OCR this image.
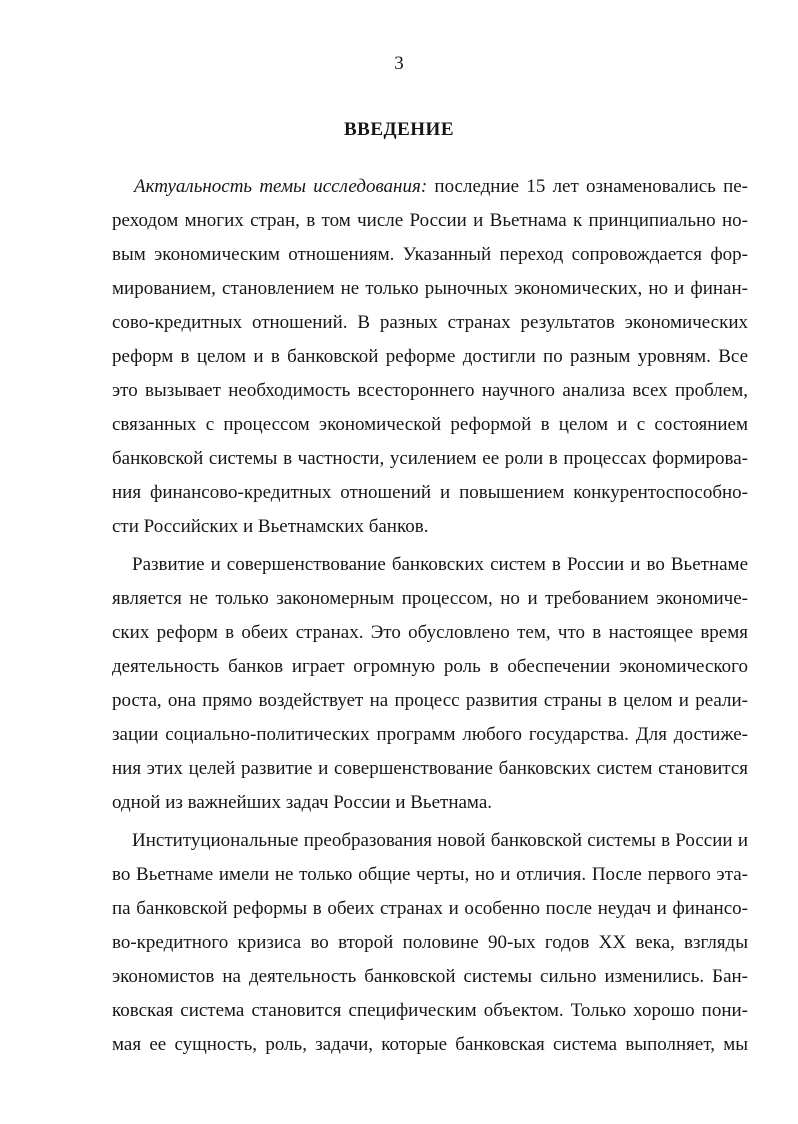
3
ВВЕДЕНИЕ
Актуальность темы исследования: последние 15 лет ознаменовались пе-
реходом многих стран, в том числе России и Вьетнама к принципиально но-
вым экономическим отношениям. Указанный переход сопровождается фор-
мированием, становлением не только рыночных экономических, но и финан-
сово-кредитных отношений. В разных странах результатов экономических
реформ в целом и в банковской реформе достигли по разным уровням. Все
это вызывает необходимость всестороннего научного анализа всех проблем,
связанных с процессом экономической реформой в целом и с состоянием
банковской системы в частности, усилением ее роли в процессах формирова-
ния финансово-кредитных отношений и повышением конкурентоспособно-
сти Российских и Вьетнамских банков.
Развитие и совершенствование банковских систем в России и во Вьетнаме
является не только закономерным процессом, но и требованием экономиче-
ских реформ в обеих странах. Это обусловлено тем, что в настоящее время
деятельность банков играет огромную роль в обеспечении экономического
роста, она прямо воздействует на процесс развития страны в целом и реали-
зации социально-политических программ любого государства. Для достиже-
ния этих целей развитие и совершенствование банковских систем становится
одной из важнейших задач России и Вьетнама.
Институциональные преобразования новой банковской системы в России и
во Вьетнаме имели не только общие черты, но и отличия. После первого эта-
па банковской реформы в обеих странах и особенно после неудач и финансо-
во-кредитного кризиса во второй половине 90-ых годов XX века, взгляды
экономистов на деятельность банковской системы сильно изменились. Бан-
ковская система становится специфическим объектом. Только хорошо пони-
мая ее сущность, роль, задачи, которые банковская система выполняет, мы
